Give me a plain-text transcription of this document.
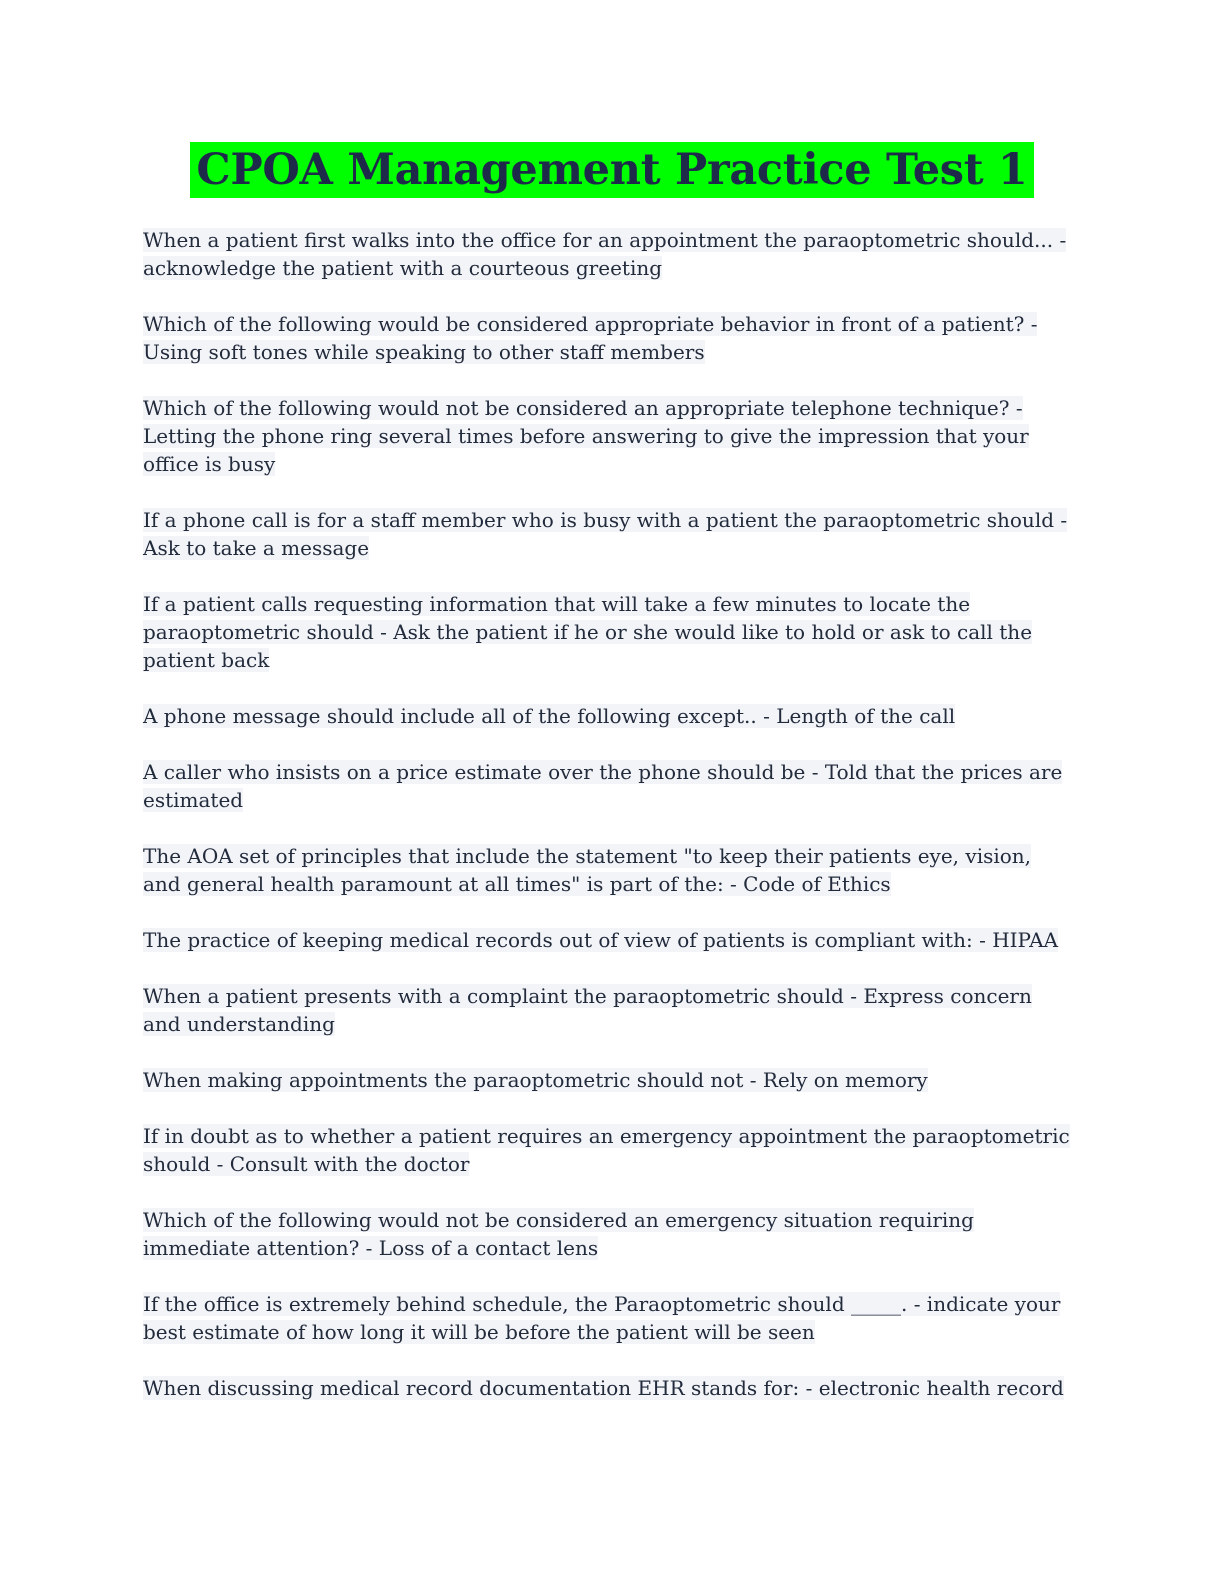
CPOA Management Practice Test 1

When a patient first walks into the office for an appointment the paraoptometric should... - acknowledge the patient with a courteous greeting

Which of the following would be considered appropriate behavior in front of a patient? - Using soft tones while speaking to other staff members

Which of the following would not be considered an appropriate telephone technique? - Letting the phone ring several times before answering to give the impression that your office is busy

If a phone call is for a staff member who is busy with a patient the paraoptometric should - Ask to take a message

If a patient calls requesting information that will take a few minutes to locate the paraoptometric should - Ask the patient if he or she would like to hold or ask to call the patient back

A phone message should include all of the following except.. - Length of the call

A caller who insists on a price estimate over the phone should be - Told that the prices are estimated

The AOA set of principles that include the statement "to keep their patients eye, vision, and general health paramount at all times" is part of the: - Code of Ethics

The practice of keeping medical records out of view of patients is compliant with: - HIPAA

When a patient presents with a complaint the paraoptometric should - Express concern and understanding

When making appointments the paraoptometric should not - Rely on memory

If in doubt as to whether a patient requires an emergency appointment the paraoptometric should - Consult with the doctor

Which of the following would not be considered an emergency situation requiring immediate attention? - Loss of a contact lens

If the office is extremely behind schedule, the Paraoptometric should _____. - indicate your best estimate of how long it will be before the patient will be seen

When discussing medical record documentation EHR stands for: - electronic health record
